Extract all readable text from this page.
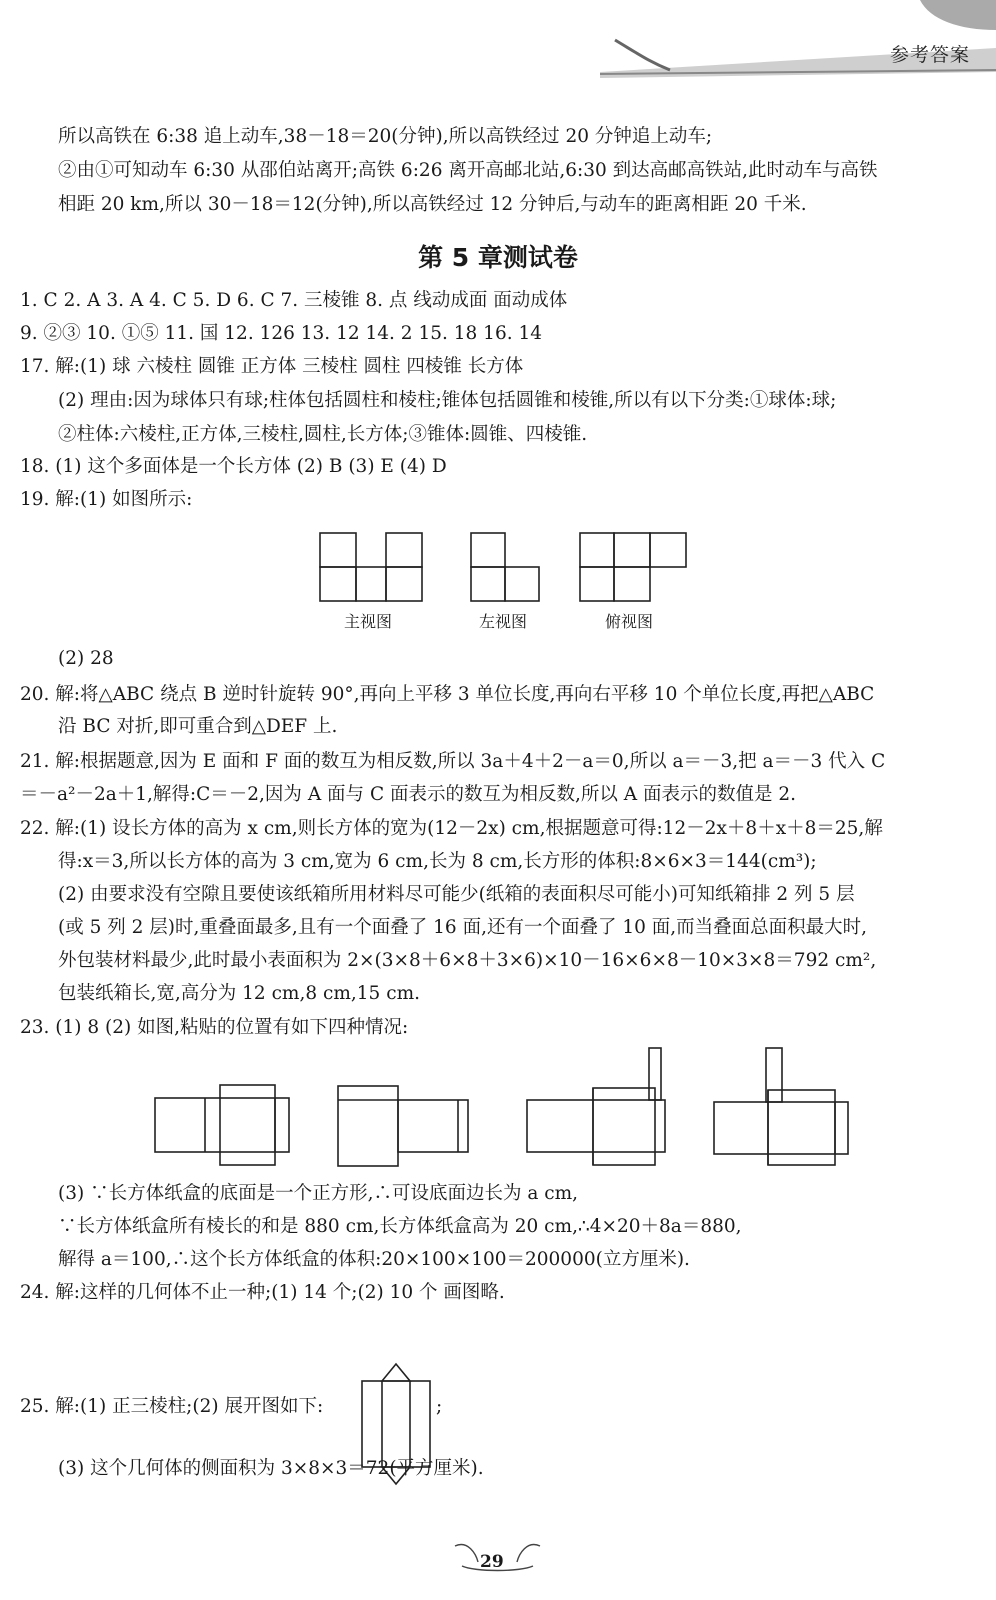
参考答案
所以高铁在 6:38 追上动车,38－18＝20(分钟),所以高铁经过 20 分钟追上动车;
②由①可知动车 6:30 从邵伯站离开;高铁 6:26 离开高邮北站,6:30 到达高邮高铁站,此时动车与高铁
相距 20 km,所以 30－18＝12(分钟),所以高铁经过 12 分钟后,与动车的距离相距 20 千米.
第 5 章测试卷
1. C 2. A 3. A 4. C 5. D 6. C 7. 三棱锥 8. 点 线动成面 面动成体
9. ②③ 10. ①⑤ 11. 国 12. 126 13. 12 14. 2 15. 18 16. 14
17. 解:(1) 球 六棱柱 圆锥 正方体 三棱柱 圆柱 四棱锥 长方体
(2) 理由:因为球体只有球;柱体包括圆柱和棱柱;锥体包括圆锥和棱锥,所以有以下分类:①球体:球;
②柱体:六棱柱,正方体,三棱柱,圆柱,长方体;③锥体:圆锥、四棱锥.
18. (1) 这个多面体是一个长方体 (2) B (3) E (4) D
19. 解:(1) 如图所示:
主视图	左视图	俯视图
(2) 28
20. 解:将△ABC 绕点 B 逆时针旋转 90°,再向上平移 3 单位长度,再向右平移 10 个单位长度,再把△ABC
沿 BC 对折,即可重合到△DEF 上.
21. 解:根据题意,因为 E 面和 F 面的数互为相反数,所以 3a＋4＋2－a＝0,所以 a＝－3,把 a＝－3 代入 C
＝－a²－2a＋1,解得:C＝－2,因为 A 面与 C 面表示的数互为相反数,所以 A 面表示的数值是 2.
22. 解:(1) 设长方体的高为 x cm,则长方体的宽为(12－2x) cm,根据题意可得:12－2x＋8＋x＋8＝25,解
得:x＝3,所以长方体的高为 3 cm,宽为 6 cm,长为 8 cm,长方形的体积:8×6×3＝144(cm³);
(2) 由要求没有空隙且要使该纸箱所用材料尽可能少(纸箱的表面积尽可能小)可知纸箱排 2 列 5 层
(或 5 列 2 层)时,重叠面最多,且有一个面叠了 16 面,还有一个面叠了 10 面,而当叠面总面积最大时,
外包装材料最少,此时最小表面积为 2×(3×8＋6×8＋3×6)×10－16×6×8－10×3×8＝792 cm²,
包装纸箱长,宽,高分为 12 cm,8 cm,15 cm.
23. (1) 8 (2) 如图,粘贴的位置有如下四种情况:
(3) ∵长方体纸盒的底面是一个正方形,∴可设底面边长为 a cm,
∵长方体纸盒所有棱长的和是 880 cm,长方体纸盒高为 20 cm,∴4×20＋8a＝880,
解得 a＝100,∴这个长方体纸盒的体积:20×100×100＝200000(立方厘米).
24. 解:这样的几何体不止一种;(1) 14 个;(2) 10 个 画图略.
25. 解:(1) 正三棱柱;(2) 展开图如下:	;
(3) 这个几何体的侧面积为 3×8×3＝72(平方厘米).
29
